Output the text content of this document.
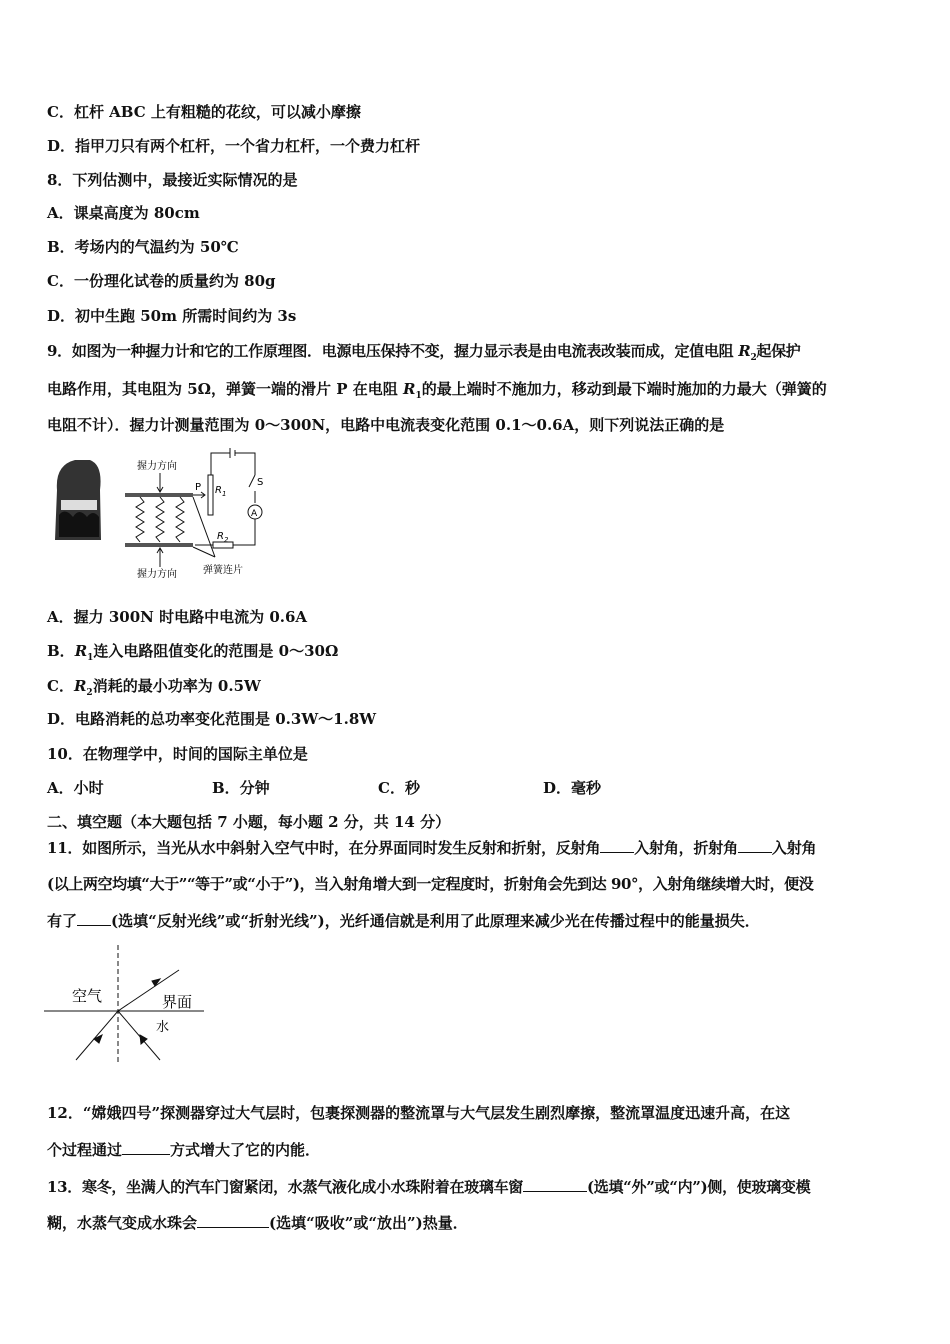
C．杠杆 ABC 上有粗糙的花纹，可以减小摩擦
D．指甲刀只有两个杠杆，一个省力杠杆，一个费力杠杆
8．下列估测中，最接近实际情况的是
A．课桌高度为 80cm
B．考场内的气温约为 50℃
C．一份理化试卷的质量约为 80g
D．初中生跑 50m 所需时间约为 3s
9．如图为一种握力计和它的工作原理图．电源电压保持不变，握力显示表是由电流表改装而成，定值电阻 $R_2$起保护
电路作用，其电阻为 5Ω，弹簧一端的滑片 P 在电阻 $R_1$的最上端时不施加力，移动到最下端时施加的力最大（弹簧的
电阻不计）．握力计测量范围为 0～300N，电路中电流表变化范围 0.1～0.6A，则下列说法正确的是
握力方向
握力方向	弹簧连片
P $R_1$
S
A
$R_2$
A．握力 300N 时电路中电流为 0.6A
B．$R_1$连入电路阻值变化的范围是 0～30Ω
C．$R_2$消耗的最小功率为 0.5W
D．电路消耗的总功率变化范围是 0.3W～1.8W
10．在物理学中，时间的国际主单位是
A．小时	B．分钟	C．秒	D．毫秒
二、填空题（本大题包括 7 小题，每小题 2 分，共 14 分）
11．如图所示，当光从水中斜射入空气中时，在分界面同时发生反射和折射，反射角 入射角，折射角 入射角
(以上两空均填“大于”“等于”或“小于”)，当入射角增大到一定程度时，折射角会先到达 90°，入射角继续增大时，便没
有了 (选填“反射光线”或“折射光线”)，光纤通信就是利用了此原理来减少光在传播过程中的能量损失．
空气	界面
水
12．“嫦娥四号”探测器穿过大气层时，包裹探测器的整流罩与大气层发生剧烈摩擦，整流罩温度迅速升高，在这
个过程通过	方式增大了它的内能．
13．寒冬，坐满人的汽车门窗紧闭，水蒸气液化成小水珠附着在玻璃车窗	(选填“外”或“内”)侧，使玻璃变模
糊，水蒸气变成水珠会	(选填“吸收”或“放出”)热量．
